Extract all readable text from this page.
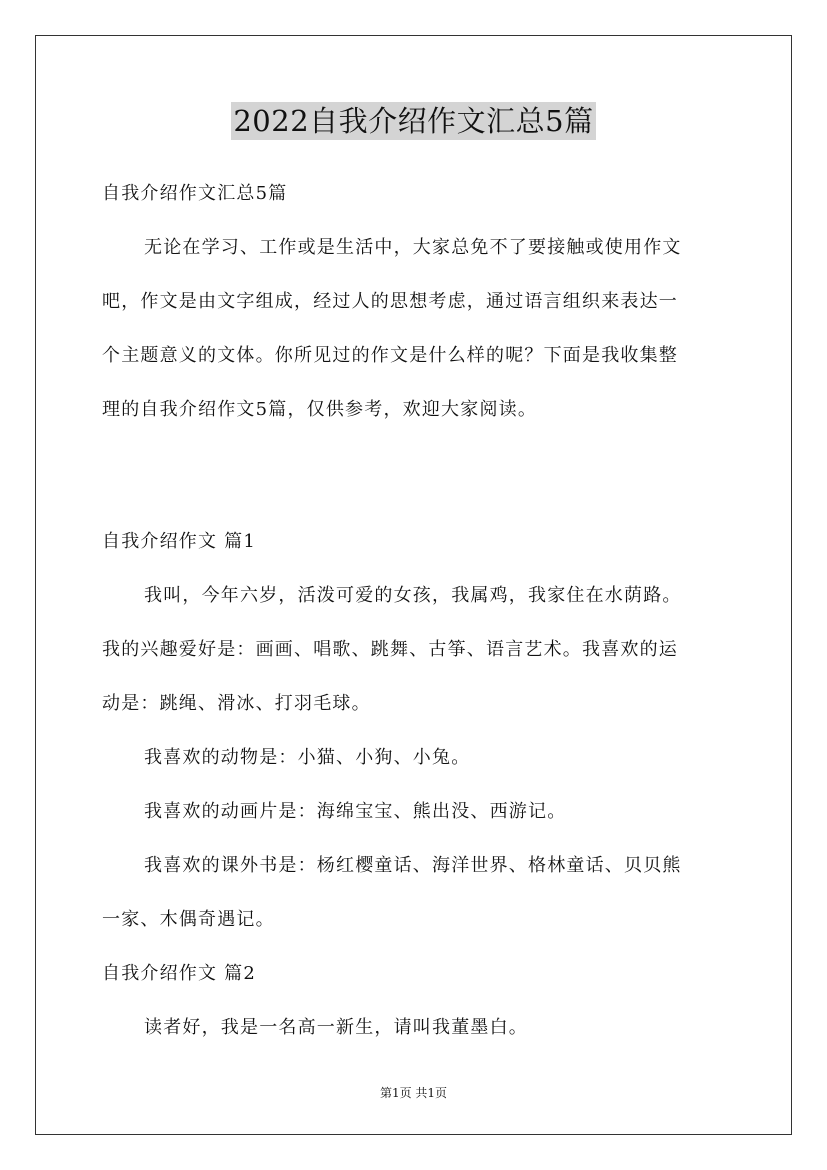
2022自我介绍作文汇总5篇
自我介绍作文汇总5篇
无论在学习、工作或是生活中，大家总免不了要接触或使用作文
吧，作文是由文字组成，经过人的思想考虑，通过语言组织来表达一
个主题意义的文体。你所见过的作文是什么样的呢？下面是我收集整
理的自我介绍作文5篇，仅供参考，欢迎大家阅读。
自我介绍作文 篇1
我叫，今年六岁，活泼可爱的女孩，我属鸡，我家住在水荫路。
我的兴趣爱好是：画画、唱歌、跳舞、古筝、语言艺术。我喜欢的运
动是：跳绳、滑冰、打羽毛球。
我喜欢的动物是：小猫、小狗、小兔。
我喜欢的动画片是：海绵宝宝、熊出没、西游记。
我喜欢的课外书是：杨红樱童话、海洋世界、格林童话、贝贝熊
一家、木偶奇遇记。
自我介绍作文 篇2
读者好，我是一名高一新生，请叫我董墨白。
第1页 共1页
